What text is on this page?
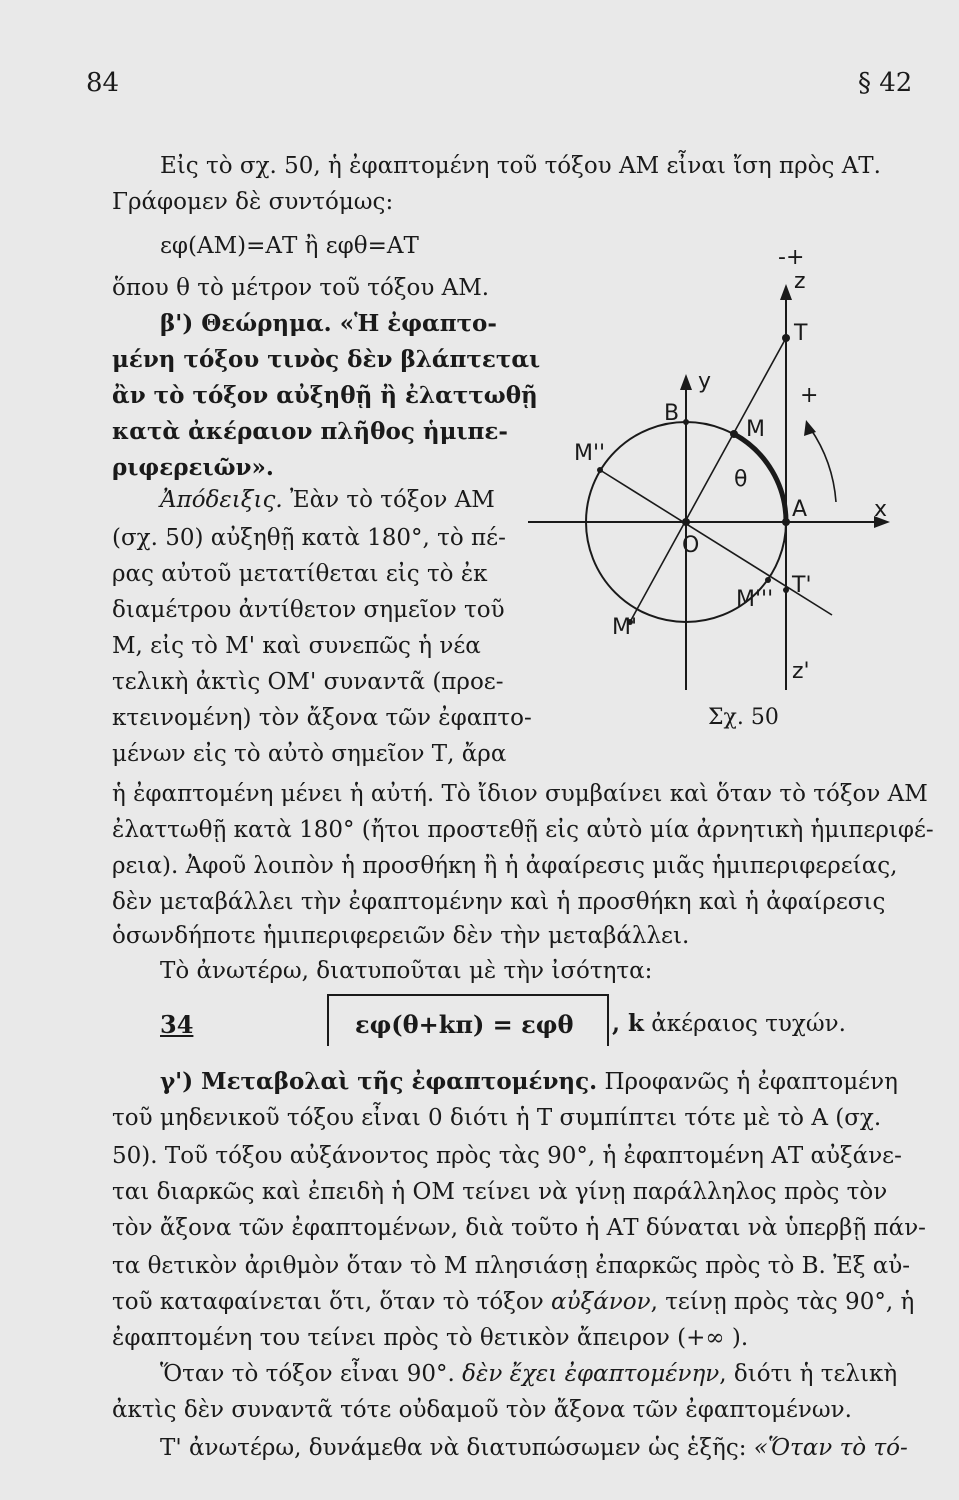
84	§ 42
Εἰς τὸ σχ. 50, ἡ ἐφαπτομένη τοῦ τόξου ΑΜ εἶναι ἴση πρὸς ΑΤ.
Γράφομεν δὲ συντόμως:
εφ(ΑΜ)=ΑΤ ἢ εφθ=ΑΤ
ὅπου θ τὸ μέτρον τοῦ τόξου ΑΜ.
β') Θεώρημα. «Ἡ ἐφαπτο-
μένη τόξου τινὸς δὲν βλάπτεται
ἂν τὸ τόξον αὐξηθῇ ἢ ἐλαττωθῇ
κατὰ ἀκέραιον πλῆθος ἡμιπε-
ριφερειῶν».
Ἀπόδειξις. Ἐὰν τὸ τόξον ΑΜ
(σχ. 50) αὐξηθῇ κατὰ 180°, τὸ πέ-
ρας αὐτοῦ μετατίθεται εἰς τὸ ἐκ
διαμέτρου ἀντίθετον σημεῖον τοῦ
Μ, εἰς τὸ Μ' καὶ συνεπῶς ἡ νέα
τελικὴ ἀκτὶς ΟΜ' συναντᾶ (προε-
κτεινομένη) τὸν ἄξονα τῶν ἐφαπτο-
μένων εἰς τὸ αὐτὸ σημεῖον Τ, ἄρα
ἡ ἐφαπτομένη μένει ἡ αὐτή. Τὸ ἴδιον συμβαίνει καὶ ὅταν τὸ τόξον ΑΜ
ἐλαττωθῇ κατὰ 180° (ἤτοι προστεθῇ εἰς αὐτὸ μία ἀρνητικὴ ἡμιπεριφέ-
ρεια). Ἀφοῦ λοιπὸν ἡ προσθήκη ἢ ἡ ἀφαίρεσις μιᾶς ἡμιπεριφερείας,
δὲν μεταβάλλει τὴν ἐφαπτομένην καὶ ἡ προσθήκη καὶ ἡ ἀφαίρεσις
ὁσωνδήποτε ἡμιπεριφερειῶν δὲν τὴν μεταβάλλει.
Τὸ ἀνωτέρω, διατυποῦται μὲ τὴν ἰσότητα:
34	εφ(θ+kπ) = εφθ , k ἀκέραιος τυχών.
γ') Μεταβολαὶ τῆς ἐφαπτομένης. Προφανῶς ἡ ἐφαπτομένη
τοῦ μηδενικοῦ τόξου εἶναι 0 διότι ἡ Τ συμπίπτει τότε μὲ τὸ Α (σχ.
50). Τοῦ τόξου αὐξάνοντος πρὸς τὰς 90°, ἡ ἐφαπτομένη ΑΤ αὐξάνε-
ται διαρκῶς καὶ ἐπειδὴ ἡ ΟΜ τείνει νὰ γίνῃ παράλληλος πρὸς τὸν
τὸν ἄξονα τῶν ἐφαπτομένων, διὰ τοῦτο ἡ ΑΤ δύναται νὰ ὑπερβῇ πάν-
τα θετικὸν ἀριθμὸν ὅταν τὸ Μ πλησιάσῃ ἐπαρκῶς πρὸς τὸ Β. Ἐξ αὐ-
τοῦ καταφαίνεται ὅτι, ὅταν τὸ τόξον αὐξάνον, τείνῃ πρὸς τὰς 90°, ἡ
ἐφαπτομένη του τείνει πρὸς τὸ θετικὸν ἄπειρον (+∞ ).
Ὅταν τὸ τόξον εἶναι 90°. δὲν ἔχει ἐφαπτομένην, διότι ἡ τελικὴ
ἀκτὶς δὲν συναντᾶ τότε οὐδαμοῦ τὸν ἄξονα τῶν ἐφαπτομένων.
Τ' ἀνωτέρω, δυνάμεθα νὰ διατυπώσωμεν ὡς ἑξῆς: «Ὅταν τὸ τό-
-+
z
T
y
+
B
M
M''
θ
A	x
O
T'
M'''
M'
z'
Σχ. 50
